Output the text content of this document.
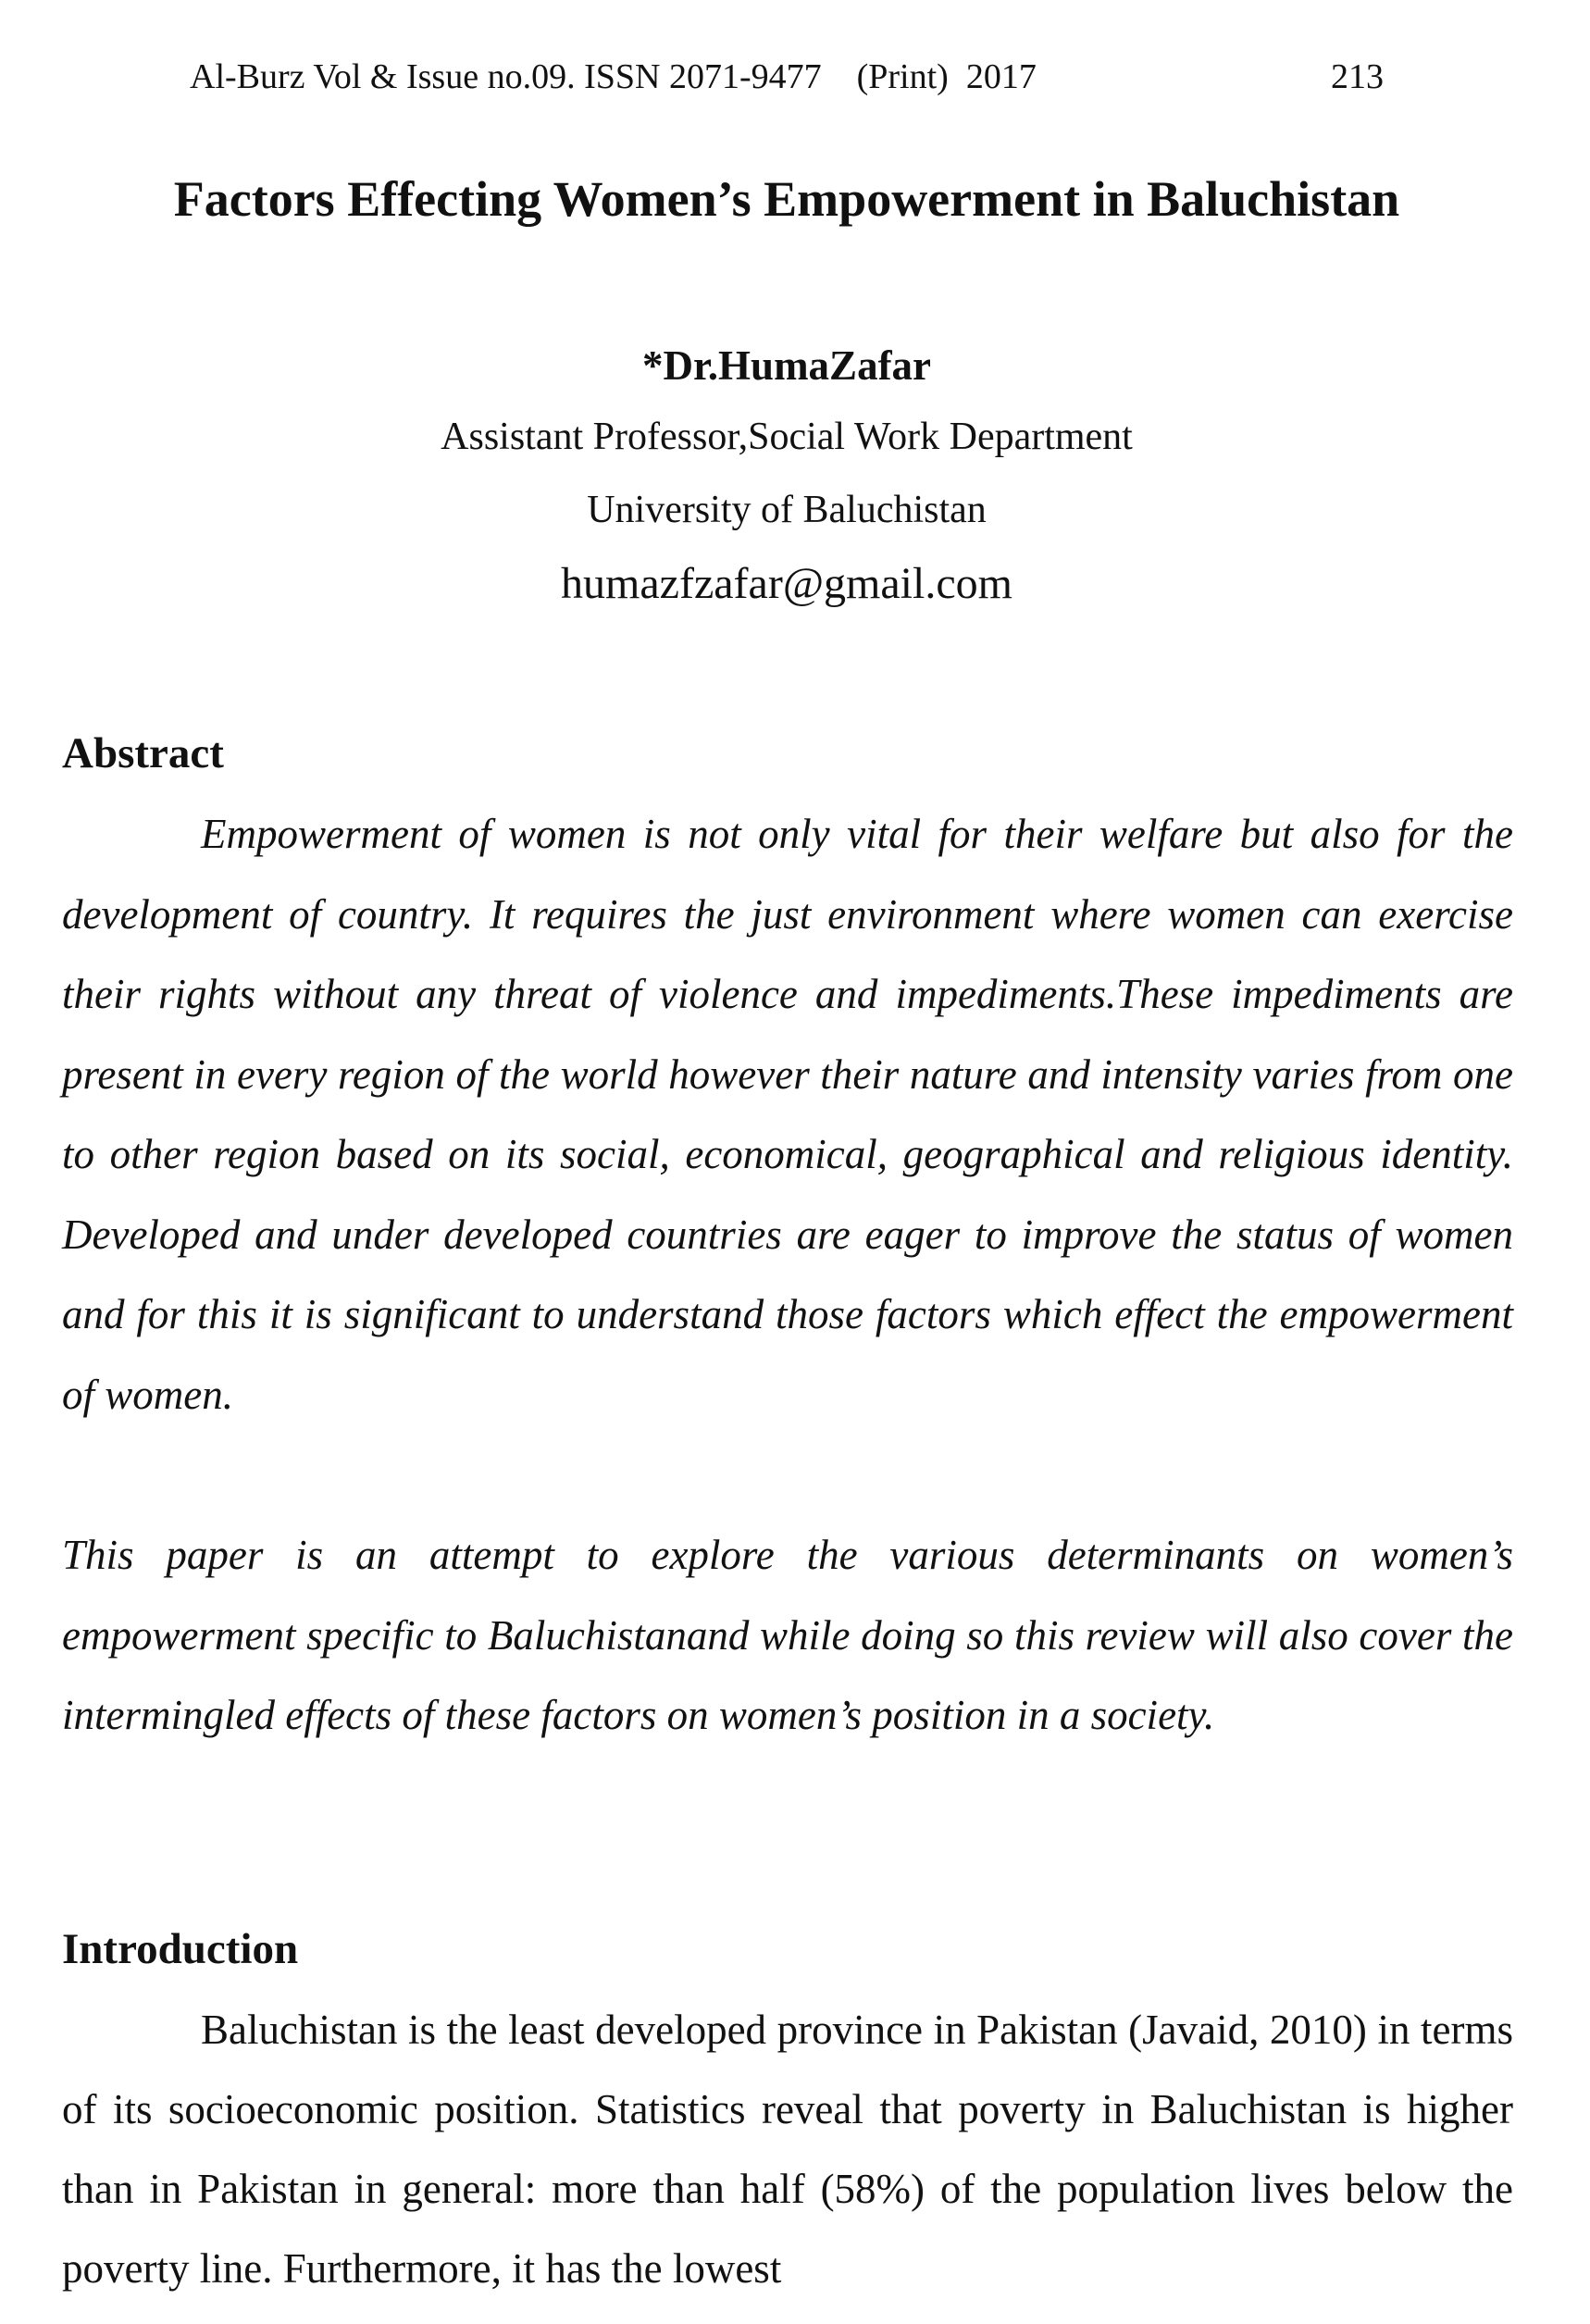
Al-Burz Vol & Issue no.09. ISSN 2071-9477    (Print)  2017	213
Factors Effecting Women’s Empowerment in Baluchistan
*Dr.HumaZafar
Assistant Professor,Social Work Department
University of Baluchistan
humazfzafar@gmail.com
Abstract

Empowerment of women is not only vital for their welfare but also for the development of country. It requires the just environment where women can exercise their rights without any threat of violence and impediments.These impediments are present in every region of the world however their nature and intensity varies from one to other region based on its social, economical, geographical and religious identity. Developed and under developed countries are eager to improve the status of women and for this it is significant to understand those factors which effect the empowerment of women.

This paper is an attempt to explore the various determinants on women’s empowerment specific to Baluchistanand while doing so this review will also cover the intermingled effects of these factors on women’s position in a society.

Introduction

Baluchistan is the least developed province in Pakistan (Javaid, 2010) in terms of its socioeconomic position. Statistics reveal that poverty in Baluchistan is higher than in Pakistan in general: more than half (58%) of the population lives below the poverty line. Furthermore, it has the lowest
